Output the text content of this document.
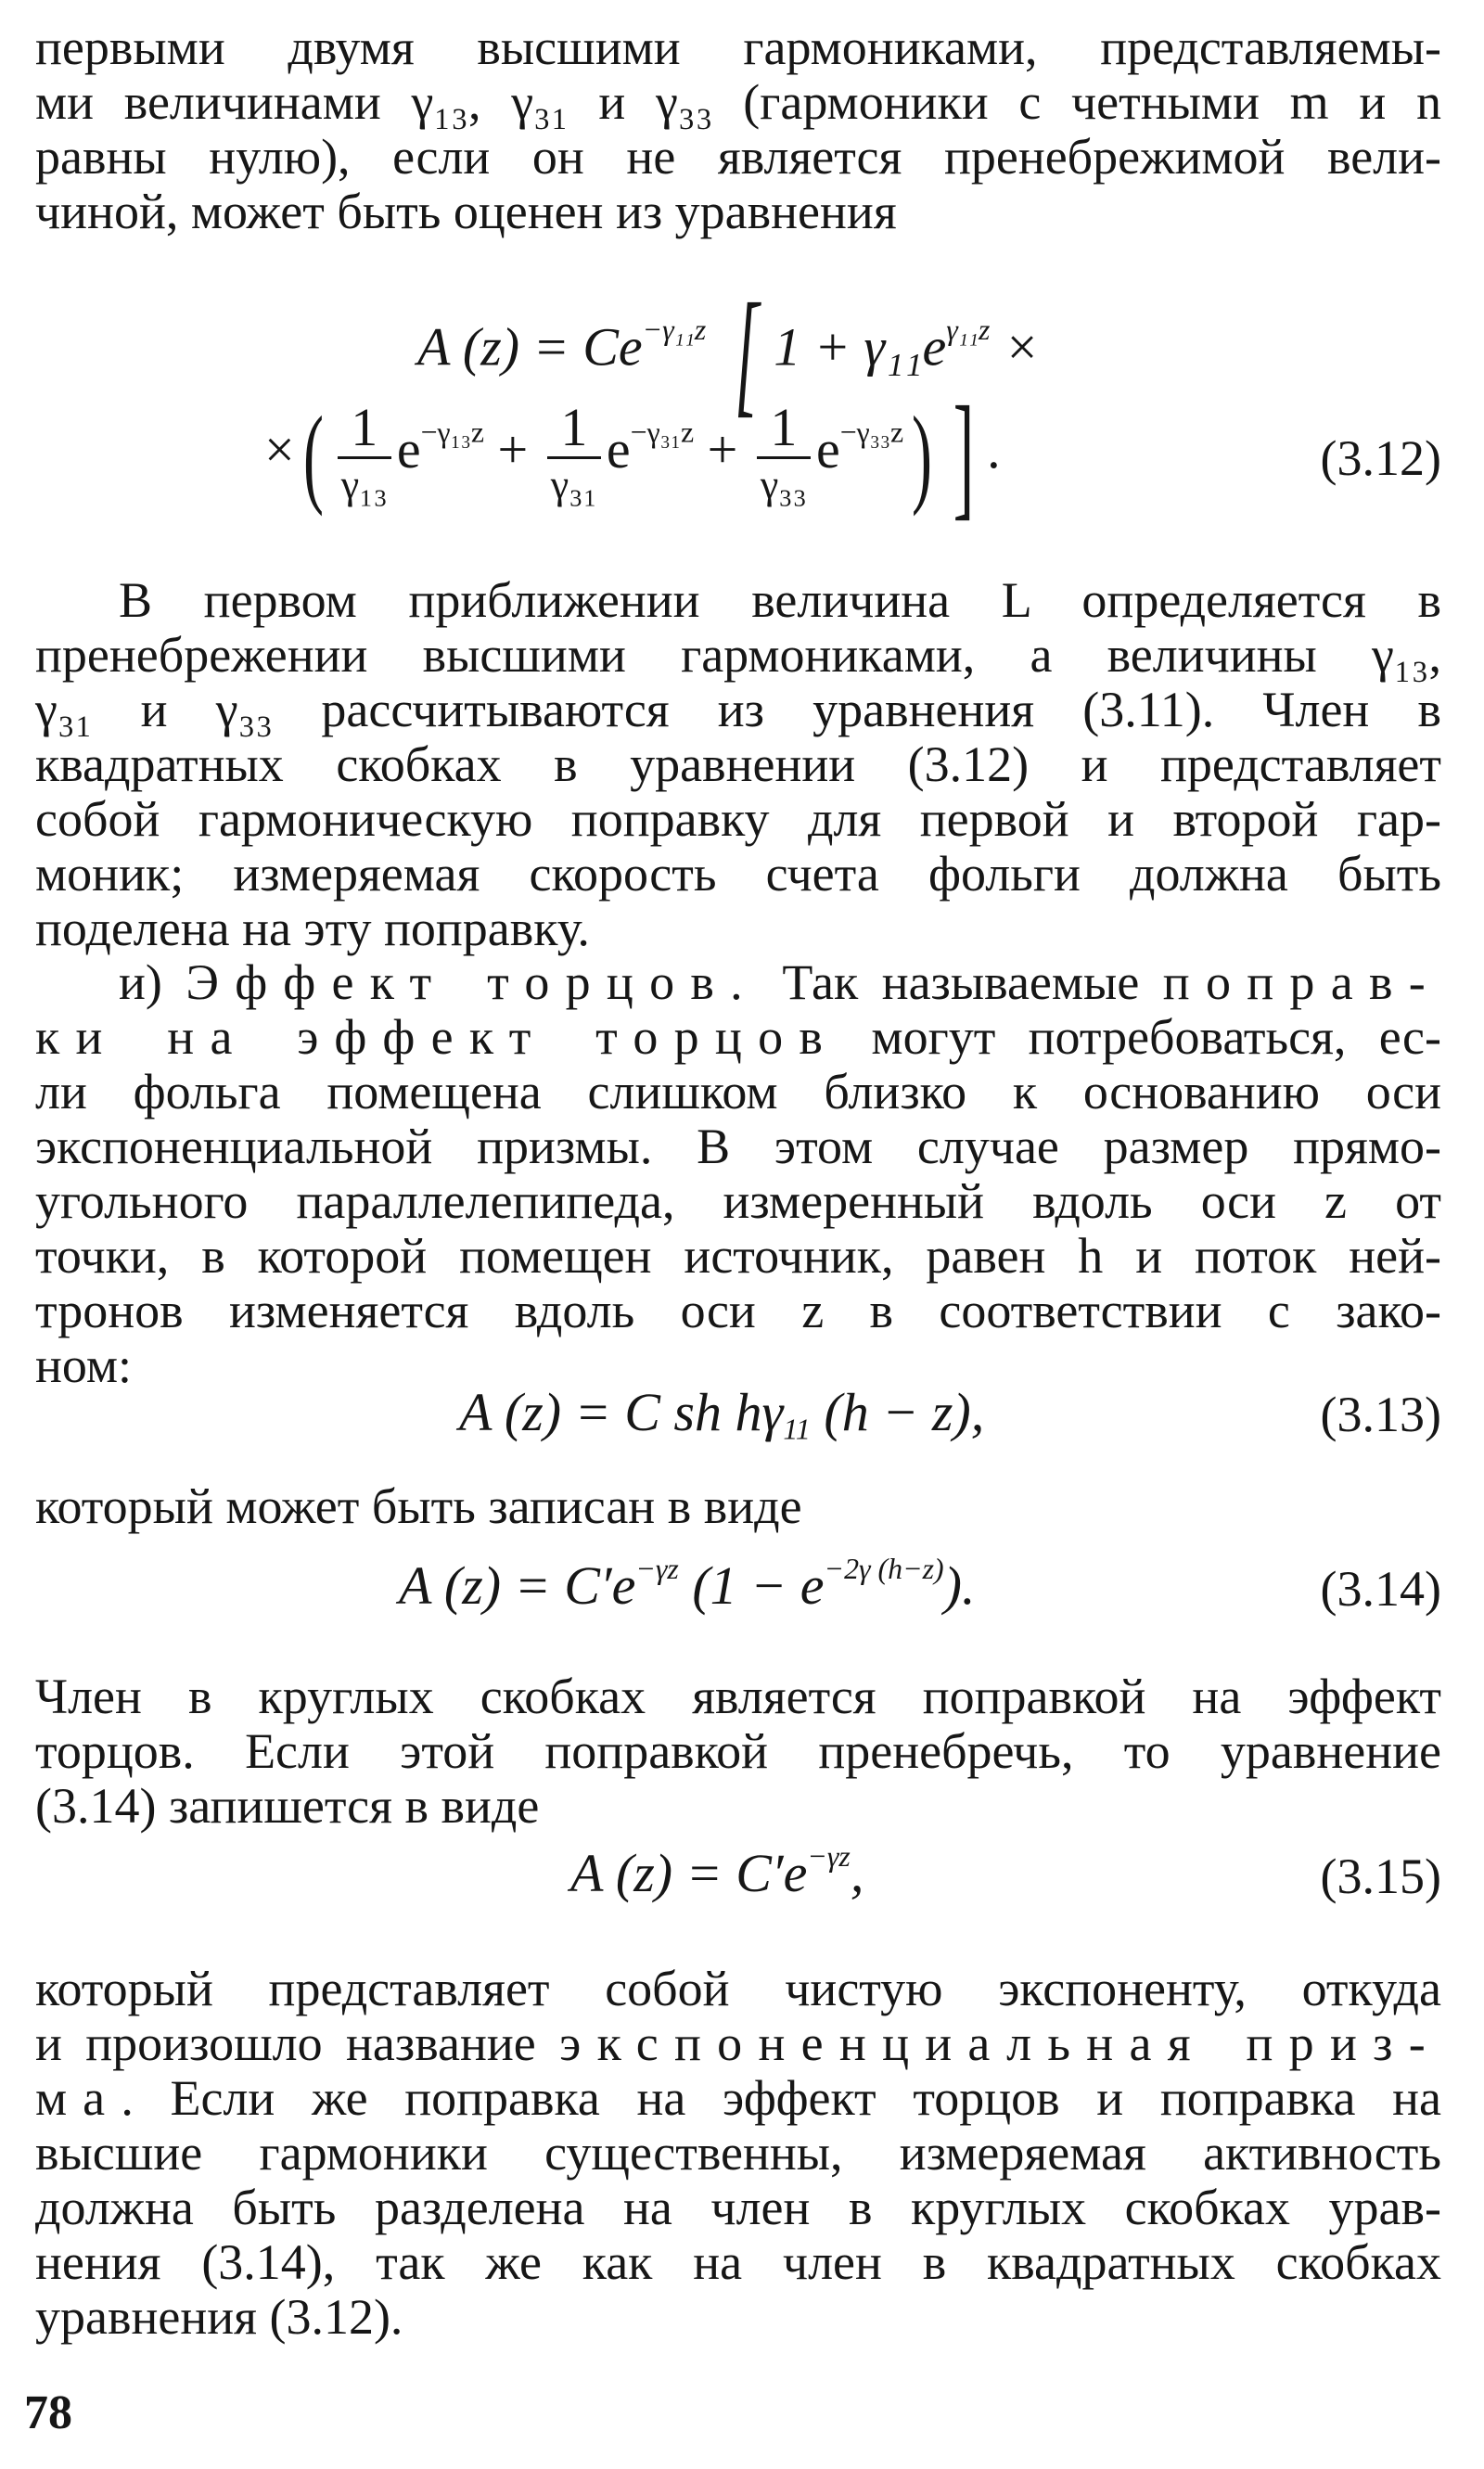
первыми двумя высшими гармониками, представляемы-
ми величинами γ₁₃, γ₃₁ и γ₃₃ (гармоники с четными m и n
равны нулю), если он не является пренебрежимой вели-
чиной, может быть оценен из уравнения
A $(z) = Ce^{-\gamma_{11}z}$ [ $1 + \gamma_{11}e^{\gamma_{11}z}$ ×
×( $\frac{1}{\text{γ₁₃}} e^{-\gamma_{13}z} + \frac{1}{\text{γ₃₁}} e^{-\gamma_{31}z} + \frac{1}{\text{γ₃₃}} e^{-\gamma_{33}z}$) ] .	(3.12)
В первом приближении величина L определяется в
пренебрежении высшими гармониками, а величины γ₁₃,
γ₃₁ и γ₃₃ рассчитываются из уравнения (3.11). Член в
квадратных скобках в уравнении (3.12) и представляет
собой гармоническую поправку для первой и второй гар-
моник; измеряемая скорость счета фольги должна быть
поделена на эту поправку.
и) Эффект торцов. Так называемые поправ-
ки на эффект торцов могут потребоваться, ес-
ли фольга помещена слишком близко к основанию оси
экспоненциальной призмы. В этом случае размер прямо-
угольного параллелепипеда, измеренный вдоль оси z от
точки, в которой помещен источник, равен h и поток ней-
тронов изменяется вдоль оси z в соответствии с зако-
ном:
A (z) = C sh $h\gamma_{11}$ (h − z),	(3.13)
который может быть записан в виде
A $(z) = C'e^{-\gamma z}$ $(1 - e^{-2\gamma (h-z)})$.	(3.14)
Член в круглых скобках является поправкой на эффект
торцов. Если этой поправкой пренебречь, то уравнение
(3.14) запишется в виде
A $(z) = C'e^{-\gamma z}$,	(3.15)
который представляет собой чистую экспоненту, откуда
и произошло название экспоненциальная приз-
ма. Если же поправка на эффект торцов и поправка на
высшие гармоники существенны, измеряемая активность
должна быть разделена на член в круглых скобках урав-
нения (3.14), так же как на член в квадратных скобках
уравнения (3.12).
78
